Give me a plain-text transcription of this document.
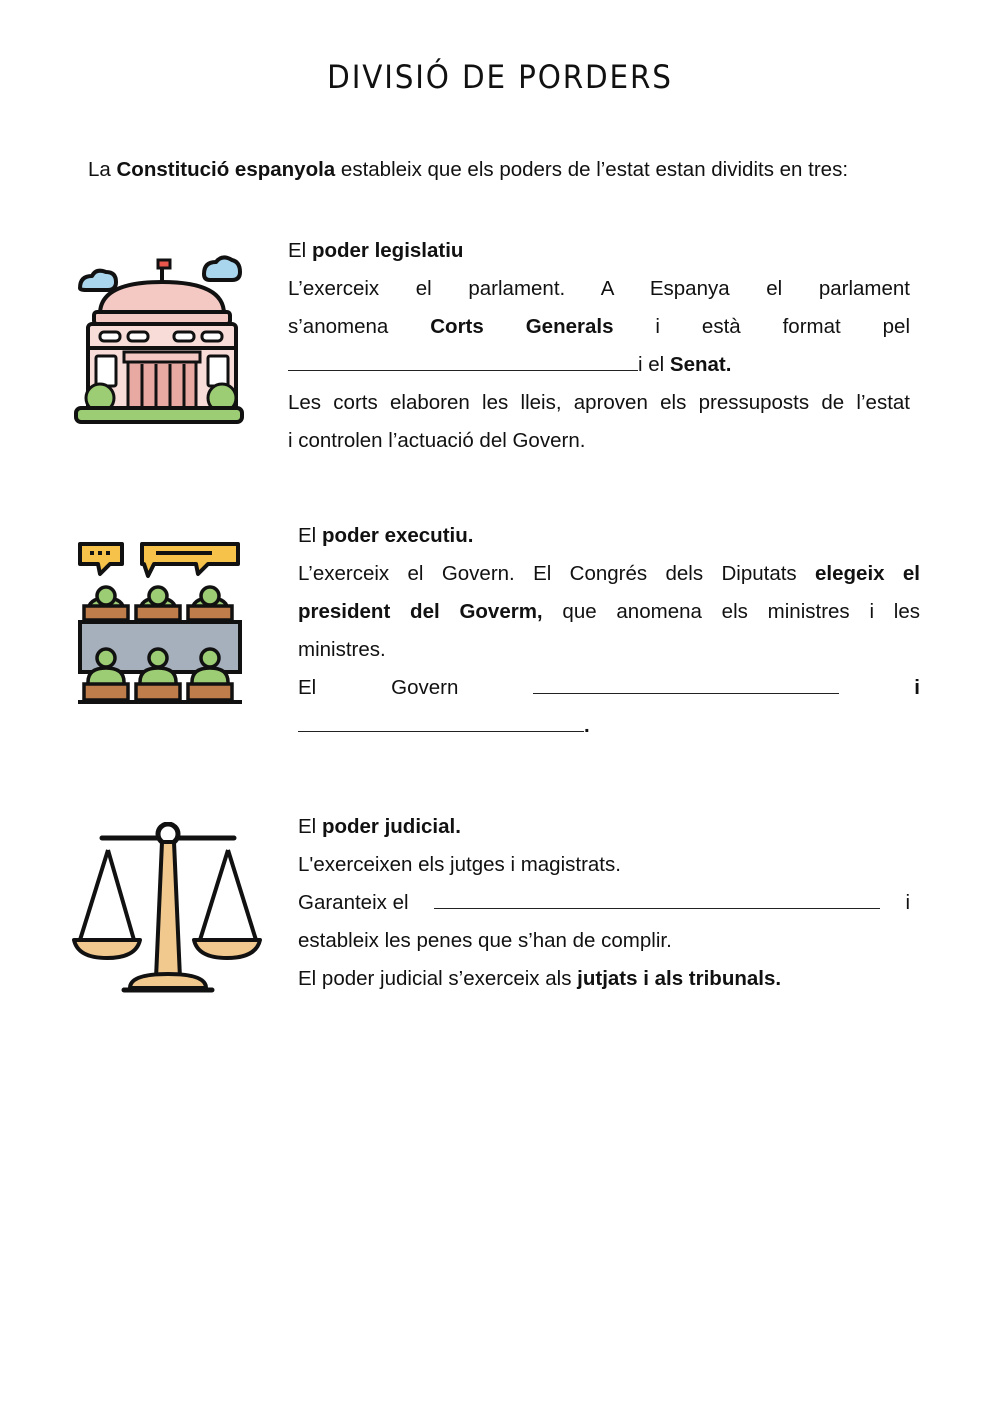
DIVISIÓ DE PORDERS

La Constitució espanyola estableix que els poders de l’estat estan dividits en tres:

El poder legislatiu

L’exerceix el parlament. A Espanya el parlament

s’anomena Corts Generals i està format pel

i el Senat.

Les corts elaboren les lleis, aproven els pressuposts de l’estat

i controlen l’actuació del Govern.

El poder executiu.

L’exerceix el Govern. El Congrés dels Diputats elegeix el

president del Goverm, que anomena els ministres i les

ministres.

El	Govern	i

.

El poder judicial.

L'exerceixen els jutges i magistrats.

Garanteix el	i

estableix les penes que s’han de complir.

El poder judicial s’exerceix als jutjats i als tribunals.
